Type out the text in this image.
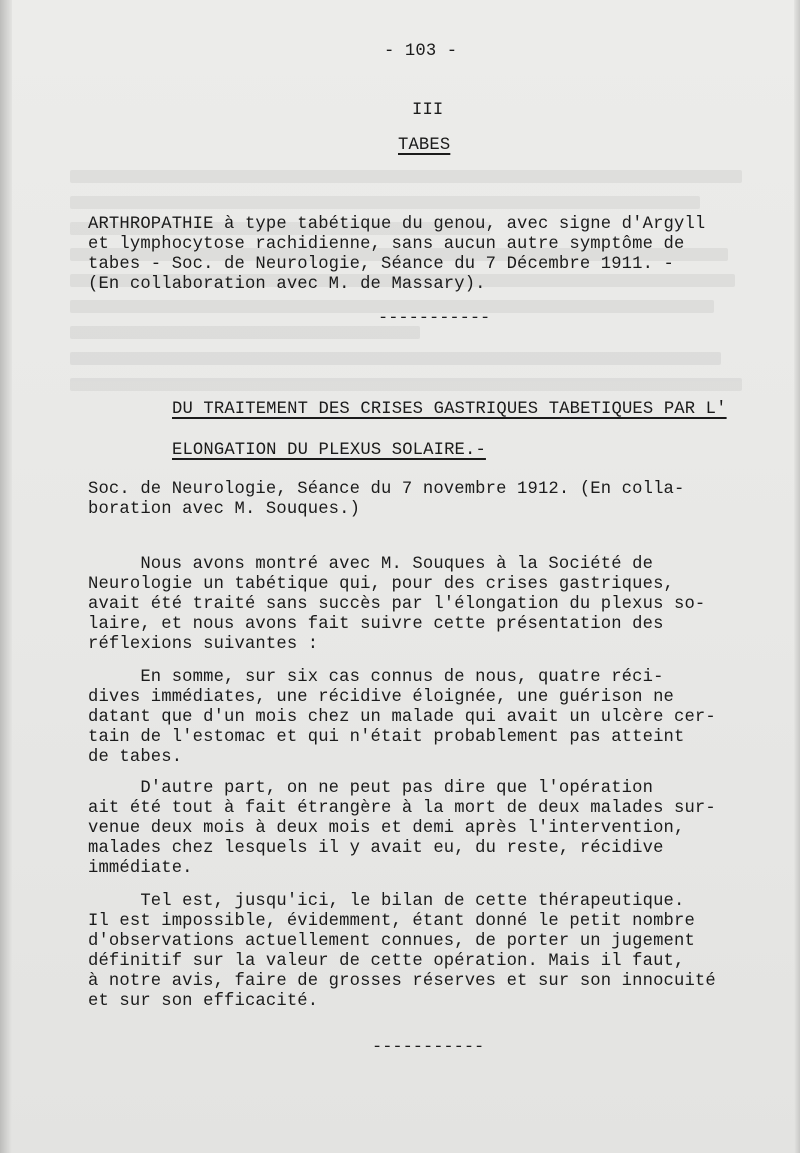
- 103 -
III
TABES
ARTHROPATHIE à type tabétique du genou, avec signe d'Argyll
et lymphocytose rachidienne, sans aucun autre symptôme de
tabes - Soc. de Neurologie, Séance du 7 Décembre 1911. -
(En collaboration avec M. de Massary).
-----------
DU TRAITEMENT DES CRISES GASTRIQUES TABETIQUES PAR L'
ELONGATION DU PLEXUS SOLAIRE.-
Soc. de Neurologie, Séance du 7 novembre 1912. (En colla-
boration avec M. Souques.)
Nous avons montré avec M. Souques à la Société de
Neurologie un tabétique qui, pour des crises gastriques,
avait été traité sans succès par l'élongation du plexus so-
laire, et nous avons fait suivre cette présentation des
réflexions suivantes :
En somme, sur six cas connus de nous, quatre réci-
dives immédiates, une récidive éloignée, une guérison ne
datant que d'un mois chez un malade qui avait un ulcère cer-
tain de l'estomac et qui n'était probablement pas atteint
de tabes.
D'autre part, on ne peut pas dire que l'opération
ait été tout à fait étrangère à la mort de deux malades sur-
venue deux mois à deux mois et demi après l'intervention,
malades chez lesquels il y avait eu, du reste, récidive
immédiate.
Tel est, jusqu'ici, le bilan de cette thérapeutique.
Il est impossible, évidemment, étant donné le petit nombre
d'observations actuellement connues, de porter un jugement
définitif sur la valeur de cette opération. Mais il faut,
à notre avis, faire de grosses réserves et sur son innocuité
et sur son efficacité.
-----------
